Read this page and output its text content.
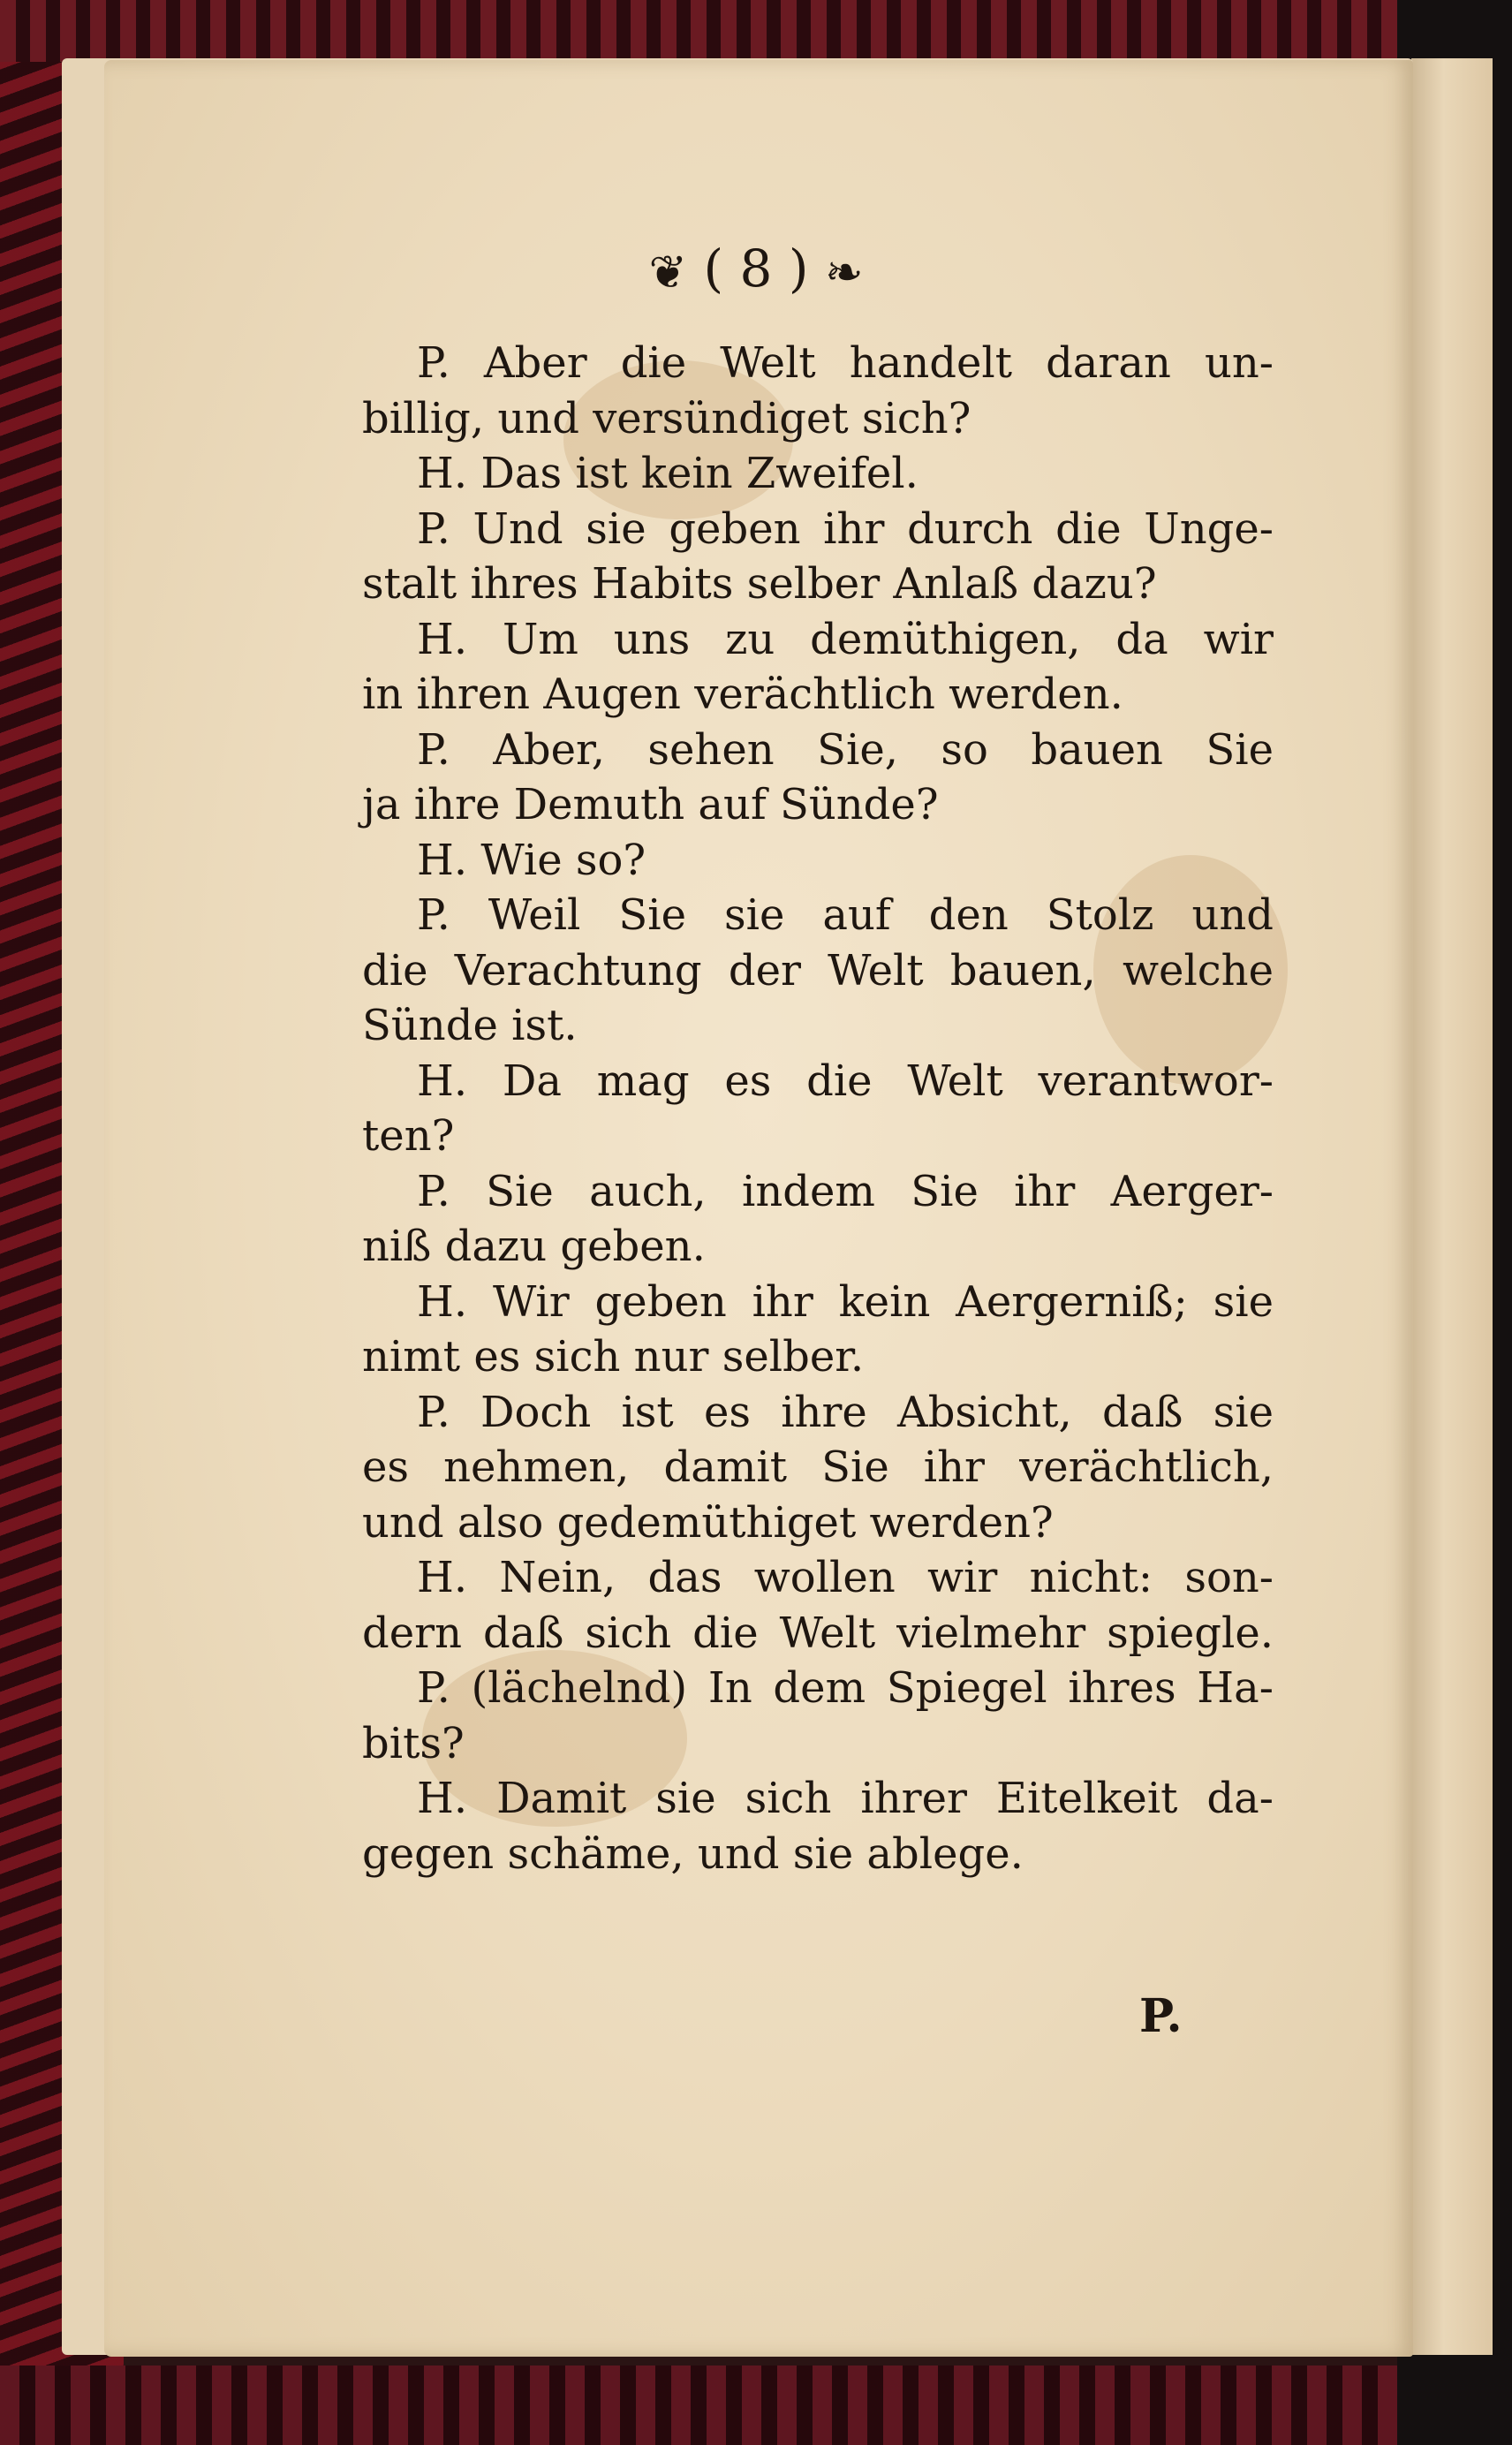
❦ ( 8 ) ❧
P. Aber die Welt handelt daran un-
billig, und versündiget sich?
H. Das ist kein Zweifel.
P. Und sie geben ihr durch die Unge-
stalt ihres Habits selber Anlaß dazu?
H. Um uns zu demüthigen, da wir
in ihren Augen verächtlich werden.
P. Aber, sehen Sie, so bauen Sie
ja ihre Demuth auf Sünde?
H. Wie so?
P. Weil Sie sie auf den Stolz und
die Verachtung der Welt bauen, welche
Sünde ist.
H. Da mag es die Welt verantwor-
ten?
P. Sie auch, indem Sie ihr Aerger-
niß dazu geben.
H. Wir geben ihr kein Aergerniß; sie
nimt es sich nur selber.
P. Doch ist es ihre Absicht, daß sie
es nehmen, damit Sie ihr verächtlich,
und also gedemüthiget werden?
H. Nein, das wollen wir nicht: son-
dern daß sich die Welt vielmehr spiegle.
P. (lächelnd) In dem Spiegel ihres Ha-
bits?
H. Damit sie sich ihrer Eitelkeit da-
gegen schäme, und sie ablege.
P.
